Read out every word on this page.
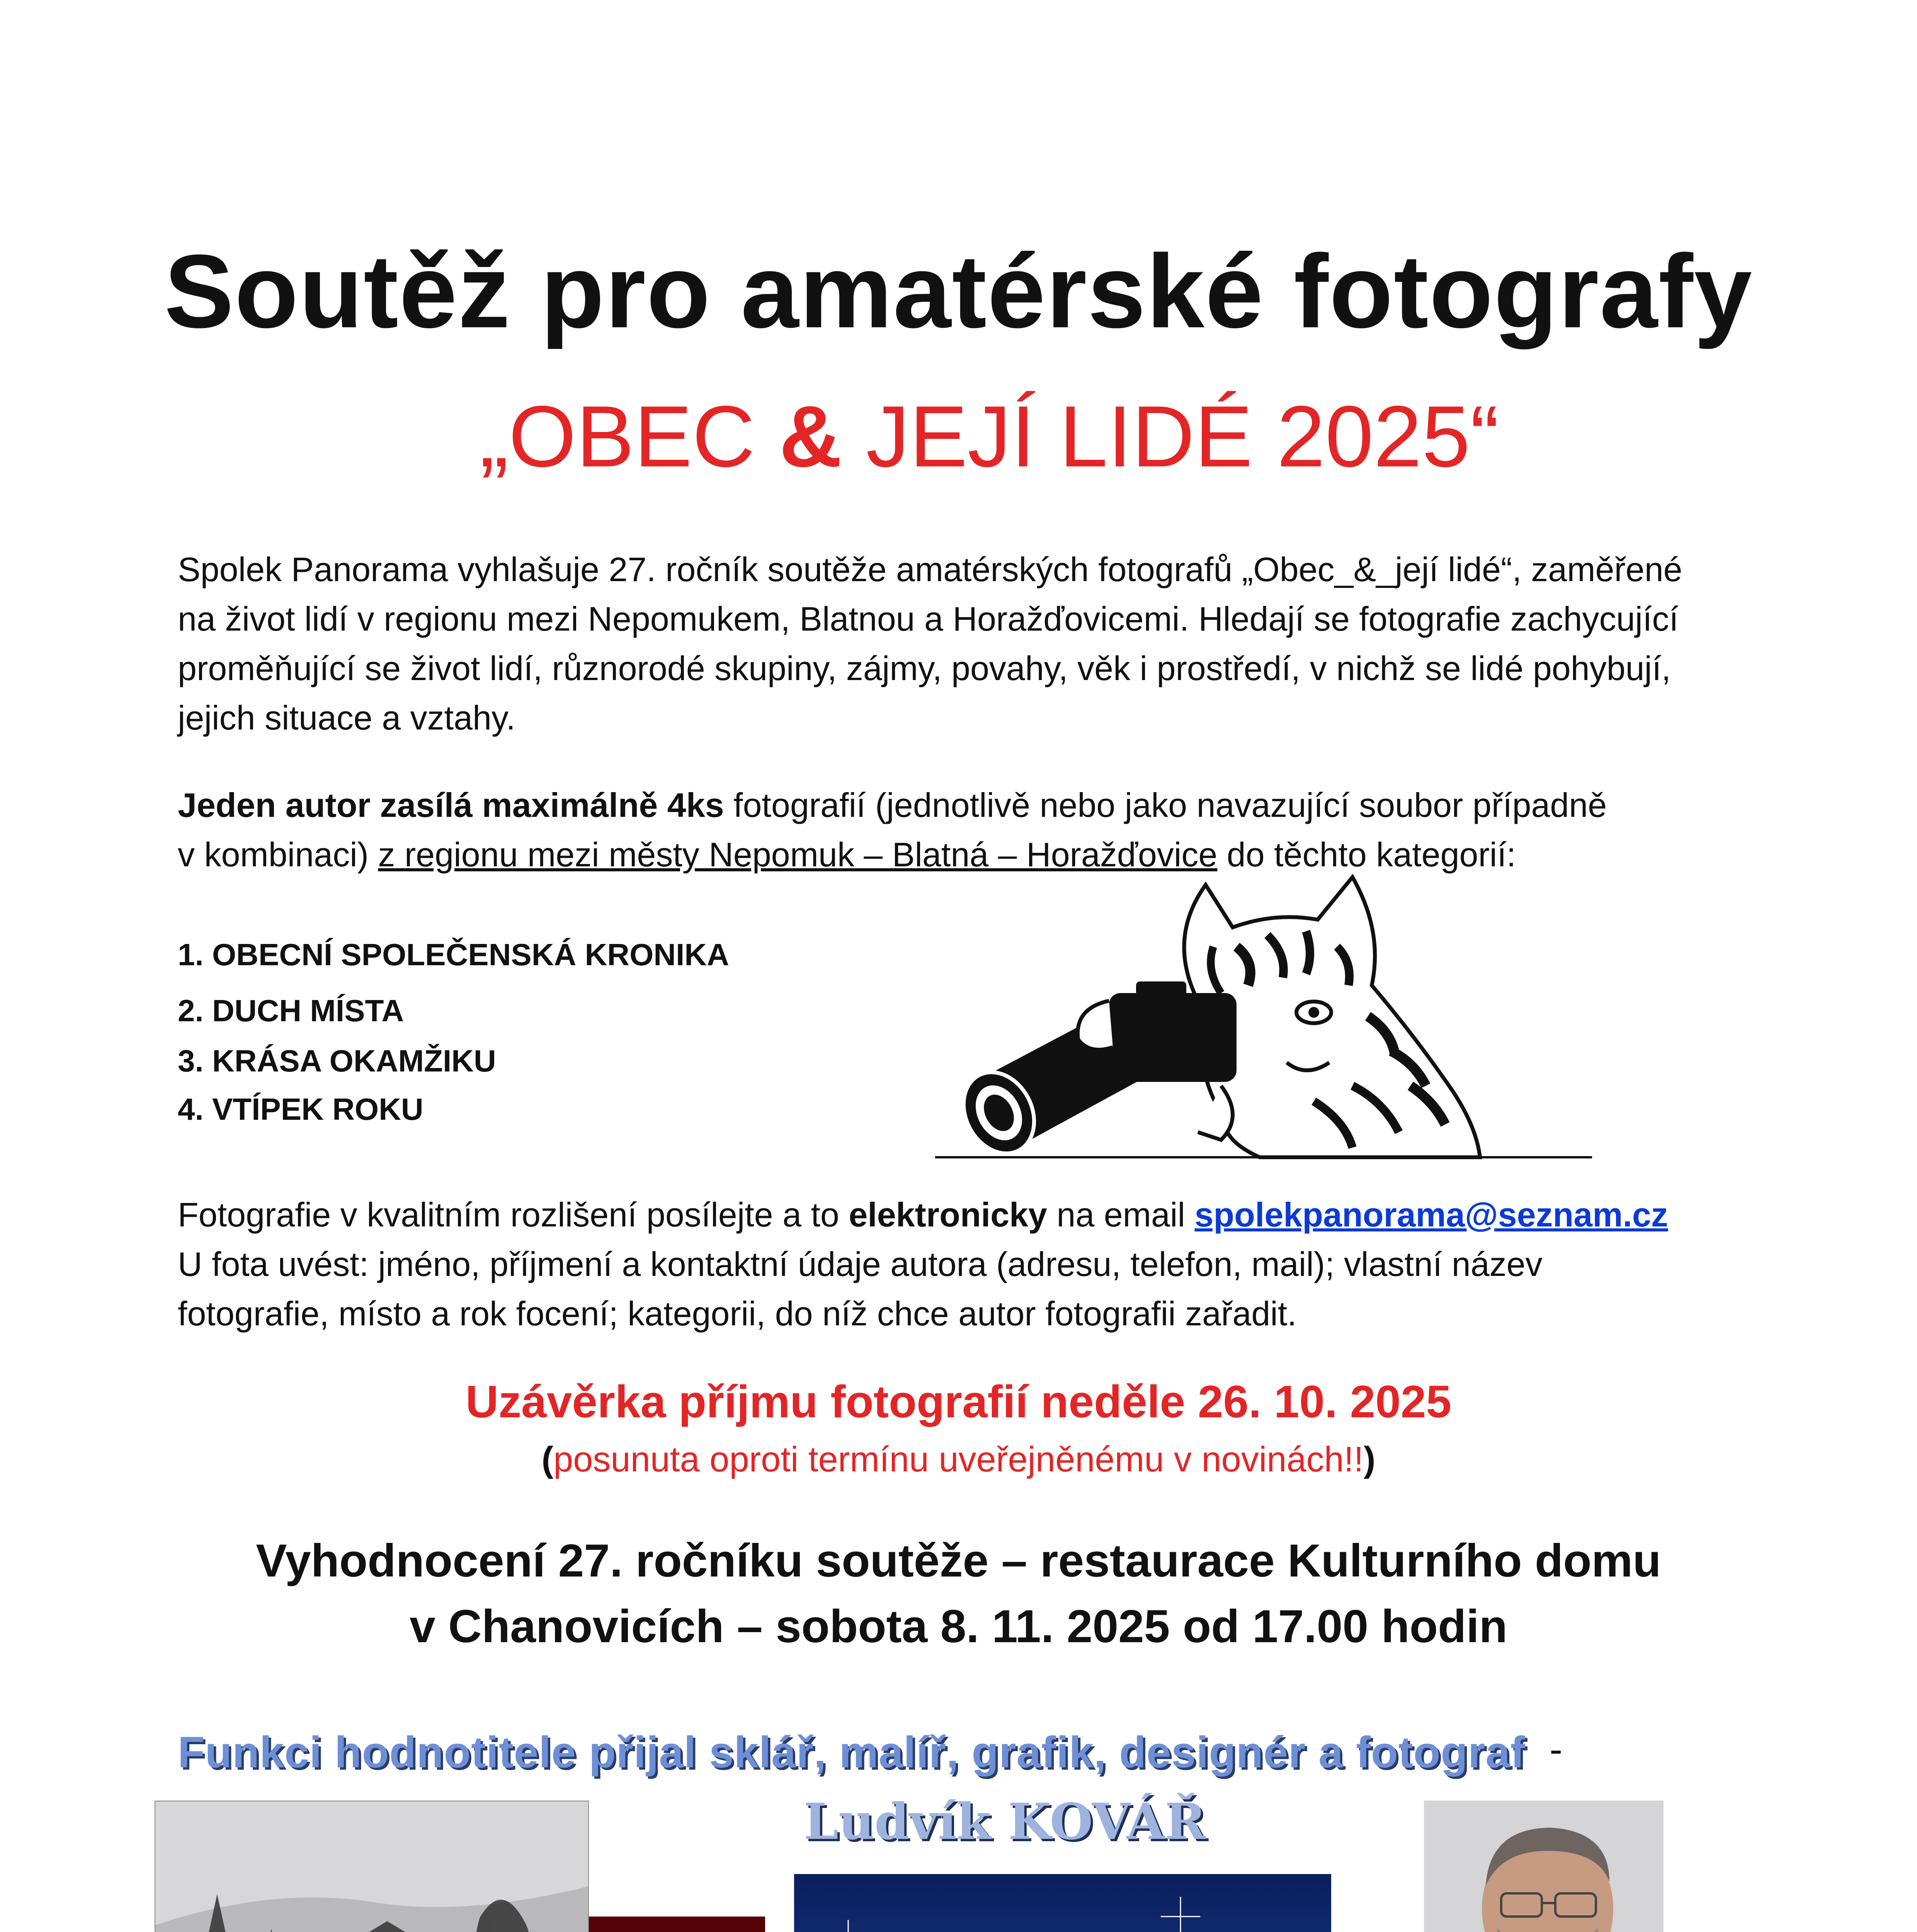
Soutěž pro amatérské fotografy
„OBEC & JEJÍ LIDÉ 2025“
Spolek Panorama vyhlašuje 27. ročník soutěže amatérských fotografů „Obec_&_její lidé“, zaměřené
na život lidí v regionu mezi Nepomukem, Blatnou a Horažďovicemi. Hledají se fotografie zachycující
proměňující se život lidí, různorodé skupiny, zájmy, povahy, věk i prostředí, v nichž se lidé pohybují,
jejich situace a vztahy.
Jeden autor zasílá maximálně 4ks fotografií (jednotlivě nebo jako navazující soubor případně
v kombinaci) z regionu mezi městy Nepomuk – Blatná – Horažďovice do těchto kategorií:
1. OBECNÍ SPOLEČENSKÁ KRONIKA
2. DUCH MÍSTA
3. KRÁSA OKAMŽIKU
4. VTÍPEK ROKU
Fotografie v kvalitním rozlišení posílejte a to elektronicky na email spolekpanorama@seznam.cz
U fota uvést: jméno, příjmení a kontaktní údaje autora (adresu, telefon, mail); vlastní název
fotografie, místo a rok focení; kategorii, do níž chce autor fotografii zařadit.
Uzávěrka příjmu fotografií neděle 26. 10. 2025
(posunuta oproti termínu uveřejněnému v novinách!!)
Vyhodnocení 27. ročníku soutěže – restaurace Kulturního domu
v Chanovicích – sobota 8. 11. 2025 od 17.00 hodin
Funkci hodnotitele přijal sklář, malíř, grafik, designér a fotograf -
Ludvík KOVÁŘ
